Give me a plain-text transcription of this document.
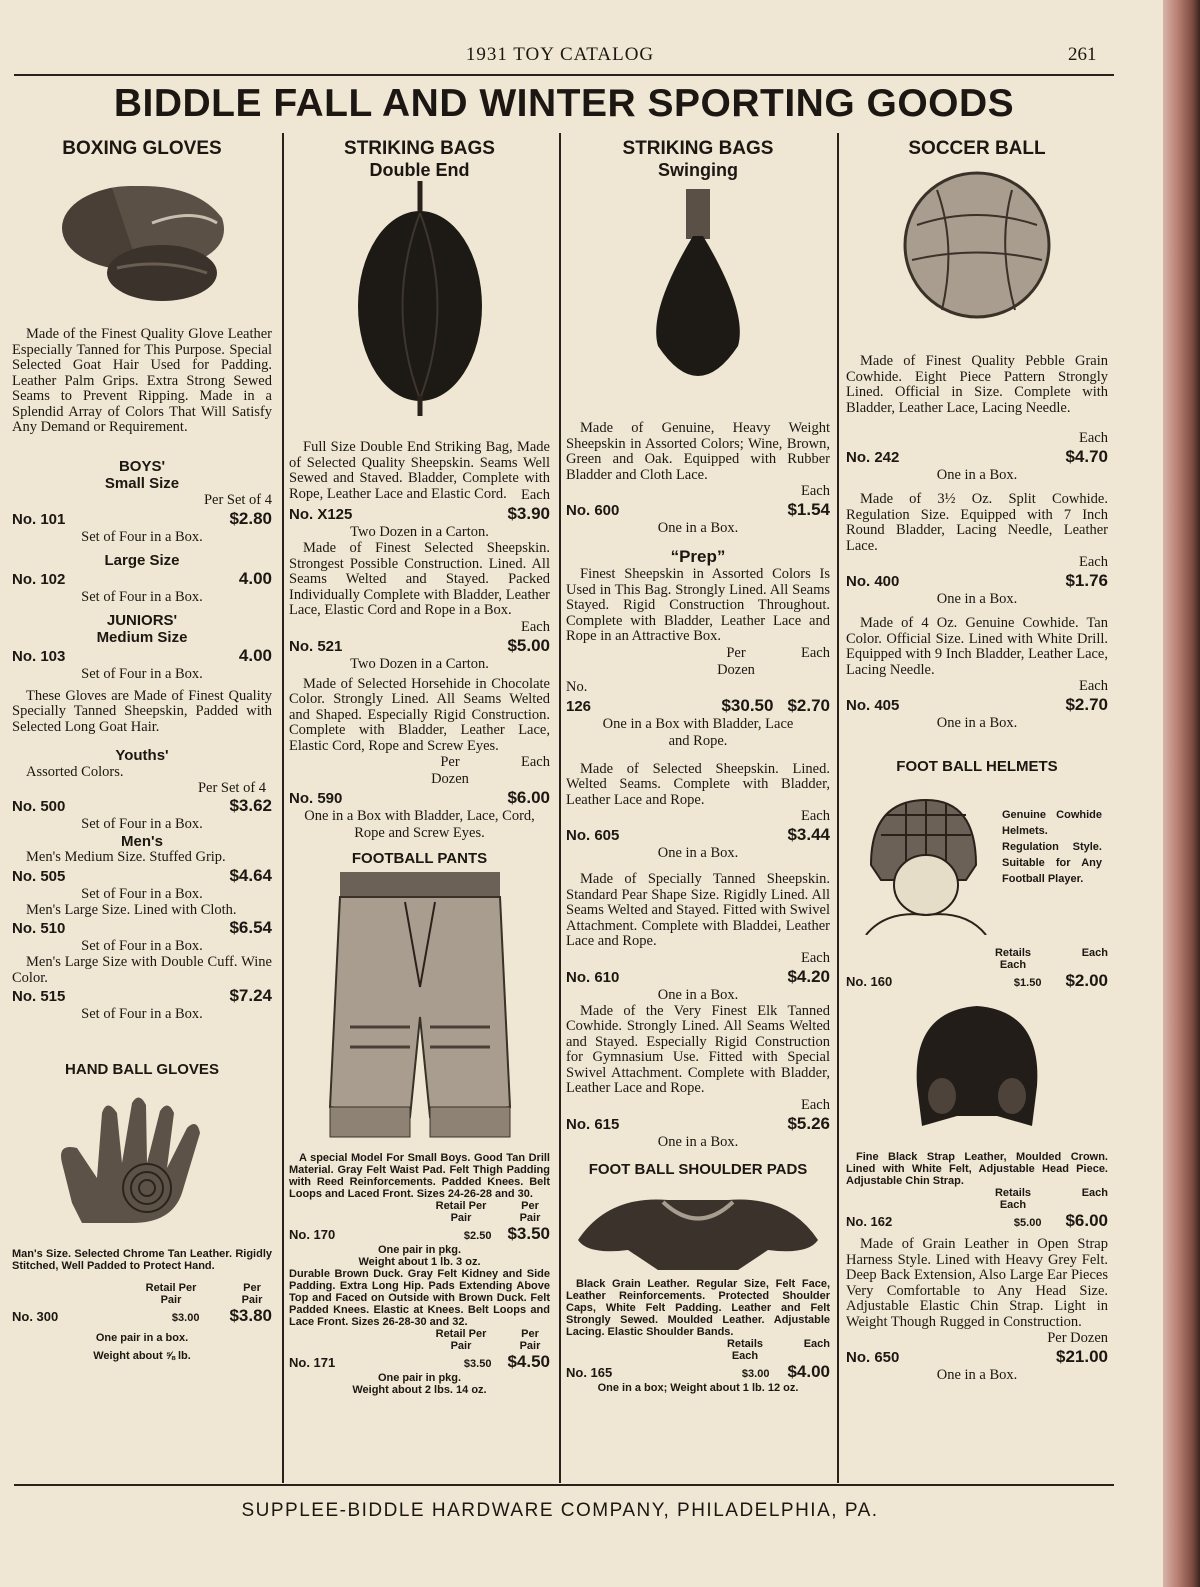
1931 TOY CATALOG	261
BIDDLE FALL AND WINTER SPORTING GOODS
BOXING GLOVES
Made of the Finest Quality Glove Leather Especially Tanned for This Purpose. Special Selected Goat Hair Used for Padding. Leather Palm Grips. Extra Strong Sewed Seams to Prevent Ripping. Made in a Splendid Array of Colors That Will Satisfy Any Demand or Requirement.
BOYS'
Small Size
Per Set of 4
No. 101	$2.80
Set of Four in a Box.
Large Size
No. 102	4.00
Set of Four in a Box.
JUNIORS'
Medium Size
No. 103	4.00
Set of Four in a Box.
These Gloves are Made of Finest Quality Specially Tanned Sheepskin, Padded with Selected Long Goat Hair.
Youths'
Assorted Colors.
Per Set of 4
No. 500	$3.62
Set of Four in a Box.
Men's
Men's Medium Size. Stuffed Grip.
No. 505	$4.64
Set of Four in a Box.
Men's Large Size. Lined with Cloth.
No. 510	$6.54
Set of Four in a Box.
Men's Large Size with Double Cuff. Wine Color.
No. 515	$7.24
Set of Four in a Box.
HAND BALL GLOVES
Man's Size. Selected Chrome Tan Leather. Rigidly Stitched, Well Padded to Protect Hand.
Retail Per Pair
Per Pair
No. 300	$3.00 $3.80
One pair in a box.
Weight about ⅝ lb.
STRIKING BAGS
Double End
Full Size Double End Striking Bag, Made of Selected Quality Sheepskin. Seams Well Sewed and Staved. Bladder, Complete with Rope, Leather Lace and Elastic Cord. Each
No. X125	$3.90
Two Dozen in a Carton.
Made of Finest Selected Sheepskin. Strongest Possible Construction. Lined. All Seams Welted and Stayed. Packed Individually Complete with Bladder, Leather Lace, Elastic Cord and Rope in a Box.
Each
No. 521	$5.00
Two Dozen in a Carton.
Made of Selected Horsehide in Chocolate Color. Strongly Lined. All Seams Welted and Shaped. Especially Rigid Construction. Complete with Bladder, Leather Lace, Elastic Cord, Rope and Screw Eyes.
Per Dozen
Each
No. 590	$6.00
One in a Box with Bladder, Lace, Cord, Rope and Screw Eyes.
FOOTBALL PANTS
A special Model For Small Boys. Good Tan Drill Material. Gray Felt Waist Pad. Felt Thigh Padding with Reed Reinforcements. Padded Knees. Belt Loops and Laced Front. Sizes 24-26-28 and 30.
Retail Per Pair
Per Pair
No. 170	$2.50 $3.50
One pair in pkg.
Weight about 1 lb. 3 oz.
Durable Brown Duck. Gray Felt Kidney and Side Padding. Extra Long Hip. Pads Extending Above Top and Faced on Outside with Brown Duck. Felt Padded Knees. Elastic at Knees. Belt Loops and Lace Front. Sizes 26-28-30 and 32.
Retail Per Pair
Per Pair
No. 171	$3.50 $4.50
One pair in pkg.
Weight about 2 lbs. 14 oz.
STRIKING BAGS
Swinging
Made of Genuine, Heavy Weight Sheepskin in Assorted Colors; Wine, Brown, Green and Oak. Equipped with Rubber Bladder and Cloth Lace.
Each
No. 600	$1.54
One in a Box.
“Prep”
Finest Sheepskin in Assorted Colors Is Used in This Bag. Strongly Lined. All Seams Stayed. Rigid Construction Throughout. Complete with Bladder, Leather Lace and Rope in an Attractive Box.
Per Dozen
Each
No.
126	$30.50 $2.70
One in a Box with Bladder, Lace and Rope.
Made of Selected Sheepskin. Lined. Welted Seams. Complete with Bladder, Leather Lace and Rope.
Each
No. 605	$3.44
One in a Box.
Made of Specially Tanned Sheepskin. Standard Pear Shape Size. Rigidly Lined. All Seams Welted and Stayed. Fitted with Swivel Attachment. Complete with Bladdei, Leather Lace and Rope.
Each
No. 610	$4.20
One in a Box.
Made of the Very Finest Elk Tanned Cowhide. Strongly Lined. All Seams Welted and Stayed. Especially Rigid Construction for Gymnasium Use. Fitted with Special Swivel Attachment. Complete with Bladder, Leather Lace and Rope.
Each
No. 615	$5.26
One in a Box.
FOOT BALL SHOULDER PADS
Black Grain Leather. Regular Size, Felt Face, Leather Reinforcements. Protected Shoulder Caps, White Felt Padding. Leather and Felt Strongly Sewed. Moulded Leather. Adjustable Lacing. Elastic Shoulder Bands.
Retails Each
Each
No. 165	$3.00 $4.00
One in a box; Weight about 1 lb. 12 oz.
SOCCER BALL
Made of Finest Quality Pebble Grain Cowhide. Eight Piece Pattern Strongly Lined. Official in Size. Complete with Bladder, Leather Lace, Lacing Needle.
Each
No. 242	$4.70
One in a Box.
Made of 3½ Oz. Split Cowhide. Regulation Size. Equipped with 7 Inch Round Bladder, Lacing Needle, Leather Lace.
Each
No. 400	$1.76
One in a Box.
Made of 4 Oz. Genuine Cowhide. Tan Color. Official Size. Lined with White Drill. Equipped with 9 Inch Bladder, Leather Lace, Lacing Needle.
Each
No. 405	$2.70
One in a Box.
FOOT BALL HELMETS
Genuine Cowhide Helmets. Regulation Style. Suitable for Any Football Player.
Retails Each
Each
No. 160	$1.50 $2.00
Fine Black Strap Leather, Moulded Crown. Lined with White Felt, Adjustable Head Piece. Adjustable Chin Strap.
Retails Each
Each
No. 162	$5.00 $6.00
Made of Grain Leather in Open Strap Harness Style. Lined with Heavy Grey Felt. Deep Back Extension, Also Large Ear Pieces Very Comfortable to Any Head Size. Adjustable Elastic Chin Strap. Light in Weight Though Rugged in Construction.
Per Dozen
No. 650	$21.00
One in a Box.
SUPPLEE-BIDDLE HARDWARE COMPANY, PHILADELPHIA, PA.
